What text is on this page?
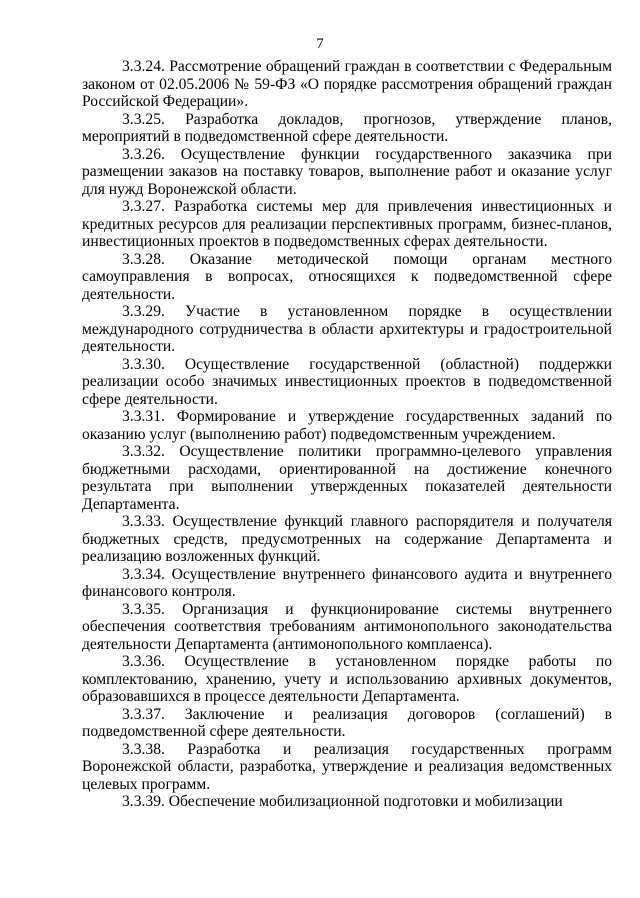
7

3.3.24. Рассмотрение обращений граждан в соответствии с Федеральным законом от 02.05.2006 № 59-ФЗ «О порядке рассмотрения обращений граждан Российской Федерации».

3.3.25. Разработка докладов, прогнозов, утверждение планов, мероприятий в подведомственной сфере деятельности.

3.3.26. Осуществление функции государственного заказчика при размещении заказов на поставку товаров, выполнение работ и оказание услуг для нужд Воронежской области.

3.3.27. Разработка системы мер для привлечения инвестиционных и кредитных ресурсов для реализации перспективных программ, бизнес-планов, инвестиционных проектов в подведомственных сферах деятельности.

3.3.28. Оказание методической помощи органам местного самоуправления в вопросах, относящихся к подведомственной сфере деятельности.

3.3.29. Участие в установленном порядке в осуществлении международного сотрудничества в области архитектуры и градостроительной деятельности.

3.3.30. Осуществление государственной (областной) поддержки реализации особо значимых инвестиционных проектов в подведомственной сфере деятельности.

3.3.31. Формирование и утверждение государственных заданий по оказанию услуг (выполнению работ) подведомственным учреждением.

3.3.32. Осуществление политики программно-целевого управления бюджетными расходами, ориентированной на достижение конечного результата при выполнении утвержденных показателей деятельности Департамента.

3.3.33. Осуществление функций главного распорядителя и получателя бюджетных средств, предусмотренных на содержание Департамента и реализацию возложенных функций.

3.3.34. Осуществление внутреннего финансового аудита и внутреннего финансового контроля.

3.3.35. Организация и функционирование системы внутреннего обеспечения соответствия требованиям антимонопольного законодательства деятельности Департамента (антимонопольного комплаенса).

3.3.36. Осуществление в установленном порядке работы по комплектованию, хранению, учету и использованию архивных документов, образовавшихся в процессе деятельности Департамента.

3.3.37. Заключение и реализация договоров (соглашений) в подведомственной сфере деятельности.

3.3.38. Разработка и реализация государственных программ Воронежской области, разработка, утверждение и реализация ведомственных целевых программ.

3.3.39. Обеспечение мобилизационной подготовки и мобилизации
